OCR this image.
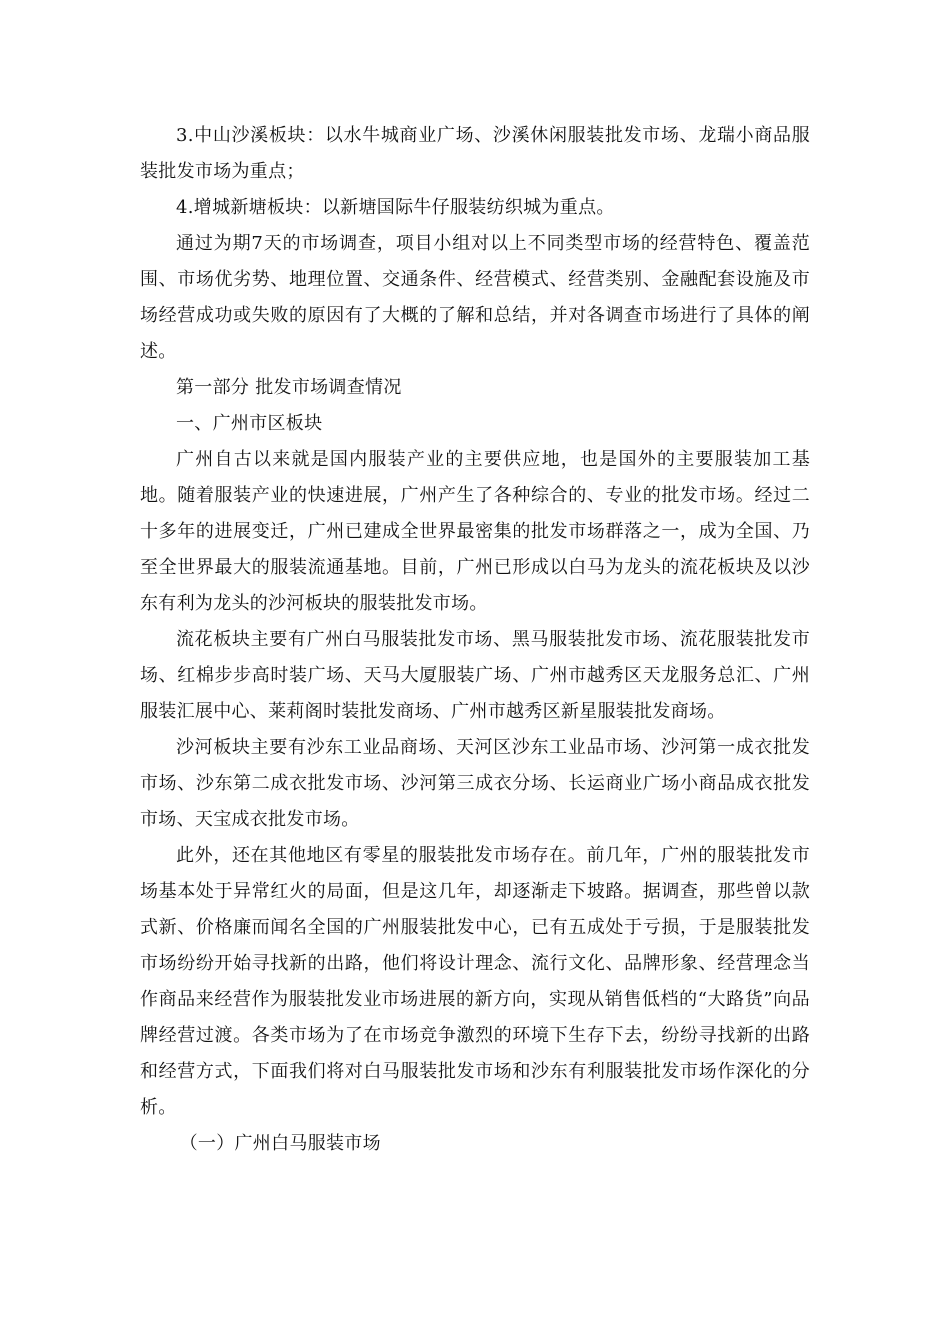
3.中山沙溪板块：以水牛城商业广场、沙溪休闲服装批发市场、龙瑞小商品服装批发市场为重点；

4.增城新塘板块：以新塘国际牛仔服装纺织城为重点。

通过为期7天的市场调查，项目小组对以上不同类型市场的经营特色、覆盖范围、市场优劣势、地理位置、交通条件、经营模式、经营类别、金融配套设施及市场经营成功或失败的原因有了大概的了解和总结，并对各调查市场进行了具体的阐述。

第一部分 批发市场调查情况

一、广州市区板块

广州自古以来就是国内服装产业的主要供应地，也是国外的主要服装加工基地。随着服装产业的快速进展，广州产生了各种综合的、专业的批发市场。经过二十多年的进展变迁，广州已建成全世界最密集的批发市场群落之一，成为全国、乃至全世界最大的服装流通基地。目前，广州已形成以白马为龙头的流花板块及以沙东有利为龙头的沙河板块的服装批发市场。

流花板块主要有广州白马服装批发市场、黑马服装批发市场、流花服装批发市场、红棉步步高时装广场、天马大厦服装广场、广州市越秀区天龙服务总汇、广州服装汇展中心、莱莉阁时装批发商场、广州市越秀区新星服装批发商场。

沙河板块主要有沙东工业品商场、天河区沙东工业品市场、沙河第一成衣批发市场、沙东第二成衣批发市场、沙河第三成衣分场、长运商业广场小商品成衣批发市场、天宝成衣批发市场。

此外，还在其他地区有零星的服装批发市场存在。前几年，广州的服装批发市场基本处于异常红火的局面，但是这几年，却逐渐走下坡路。据调查，那些曾以款式新、价格廉而闻名全国的广州服装批发中心，已有五成处于亏损，于是服装批发市场纷纷开始寻找新的出路，他们将设计理念、流行文化、品牌形象、经营理念当作商品来经营作为服装批发业市场进展的新方向，实现从销售低档的“大路货”向品牌经营过渡。各类市场为了在市场竞争激烈的环境下生存下去，纷纷寻找新的出路和经营方式，下面我们将对白马服装批发市场和沙东有利服装批发市场作深化的分析。

（一）广州白马服装市场
